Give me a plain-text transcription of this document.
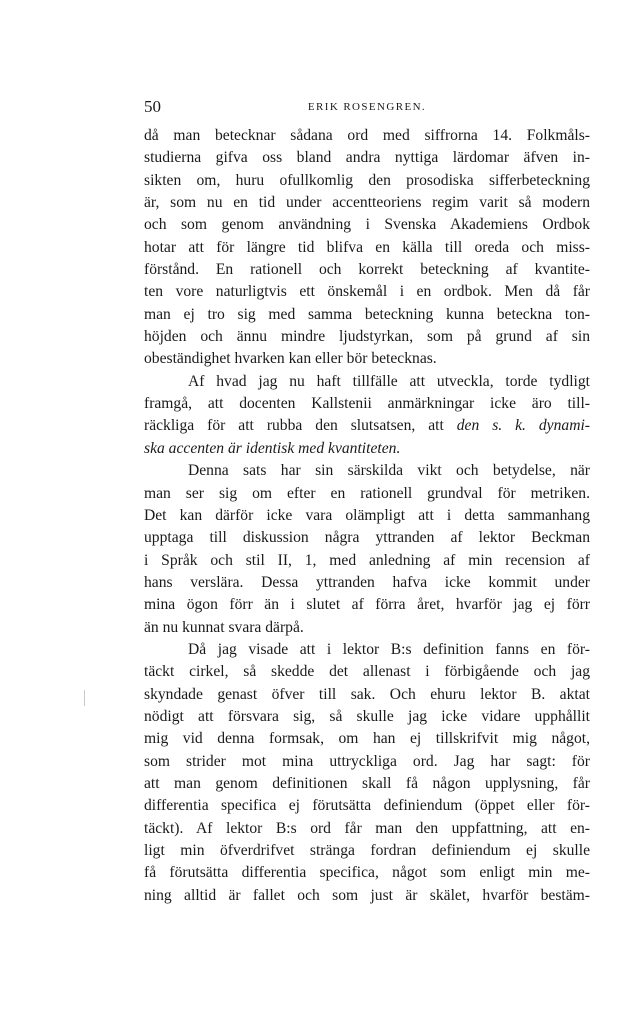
50	ERIK ROSENGREN.
då man betecknar sådana ord med siffrorna 14. Folkmåls-
studierna gifva oss bland andra nyttiga lärdomar äfven in-
sikten om, huru ofullkomlig den prosodiska sifferbeteckning
är, som nu en tid under accentteoriens regim varit så modern
och som genom användning i Svenska Akademiens Ordbok
hotar att för längre tid blifva en källa till oreda och miss-
förstånd. En rationell och korrekt beteckning af kvantite-
ten vore naturligtvis ett önskemål i en ordbok. Men då får
man ej tro sig med samma beteckning kunna beteckna ton-
höjden och ännu mindre ljudstyrkan, som på grund af sin
obeständighet hvarken kan eller bör betecknas.
Af hvad jag nu haft tillfälle att utveckla, torde tydligt
framgå, att docenten Kallstenii anmärkningar icke äro till-
räckliga för att rubba den slutsatsen, att den s. k. dynami-
ska accenten är identisk med kvantiteten.
Denna sats har sin särskilda vikt och betydelse, när
man ser sig om efter en rationell grundval för metriken.
Det kan därför icke vara olämpligt att i detta sammanhang
upptaga till diskussion några yttranden af lektor Beckman
i Språk och stil II, 1, med anledning af min recension af
hans verslära. Dessa yttranden hafva icke kommit under
mina ögon förr än i slutet af förra året, hvarför jag ej förr
än nu kunnat svara därpå.
Då jag visade att i lektor B:s definition fanns en för-
täckt cirkel, så skedde det allenast i förbigående och jag
skyndade genast öfver till sak. Och ehuru lektor B. aktat
nödigt att försvara sig, så skulle jag icke vidare upphållit
mig vid denna formsak, om han ej tillskrifvit mig något,
som strider mot mina uttryckliga ord. Jag har sagt: för
att man genom definitionen skall få någon upplysning, får
differentia specifica ej förutsätta definiendum (öppet eller för-
täckt). Af lektor B:s ord får man den uppfattning, att en-
ligt min öfverdrifvet stränga fordran definiendum ej skulle
få förutsätta differentia specifica, något som enligt min me-
ning alltid är fallet och som just är skälet, hvarför bestäm-
